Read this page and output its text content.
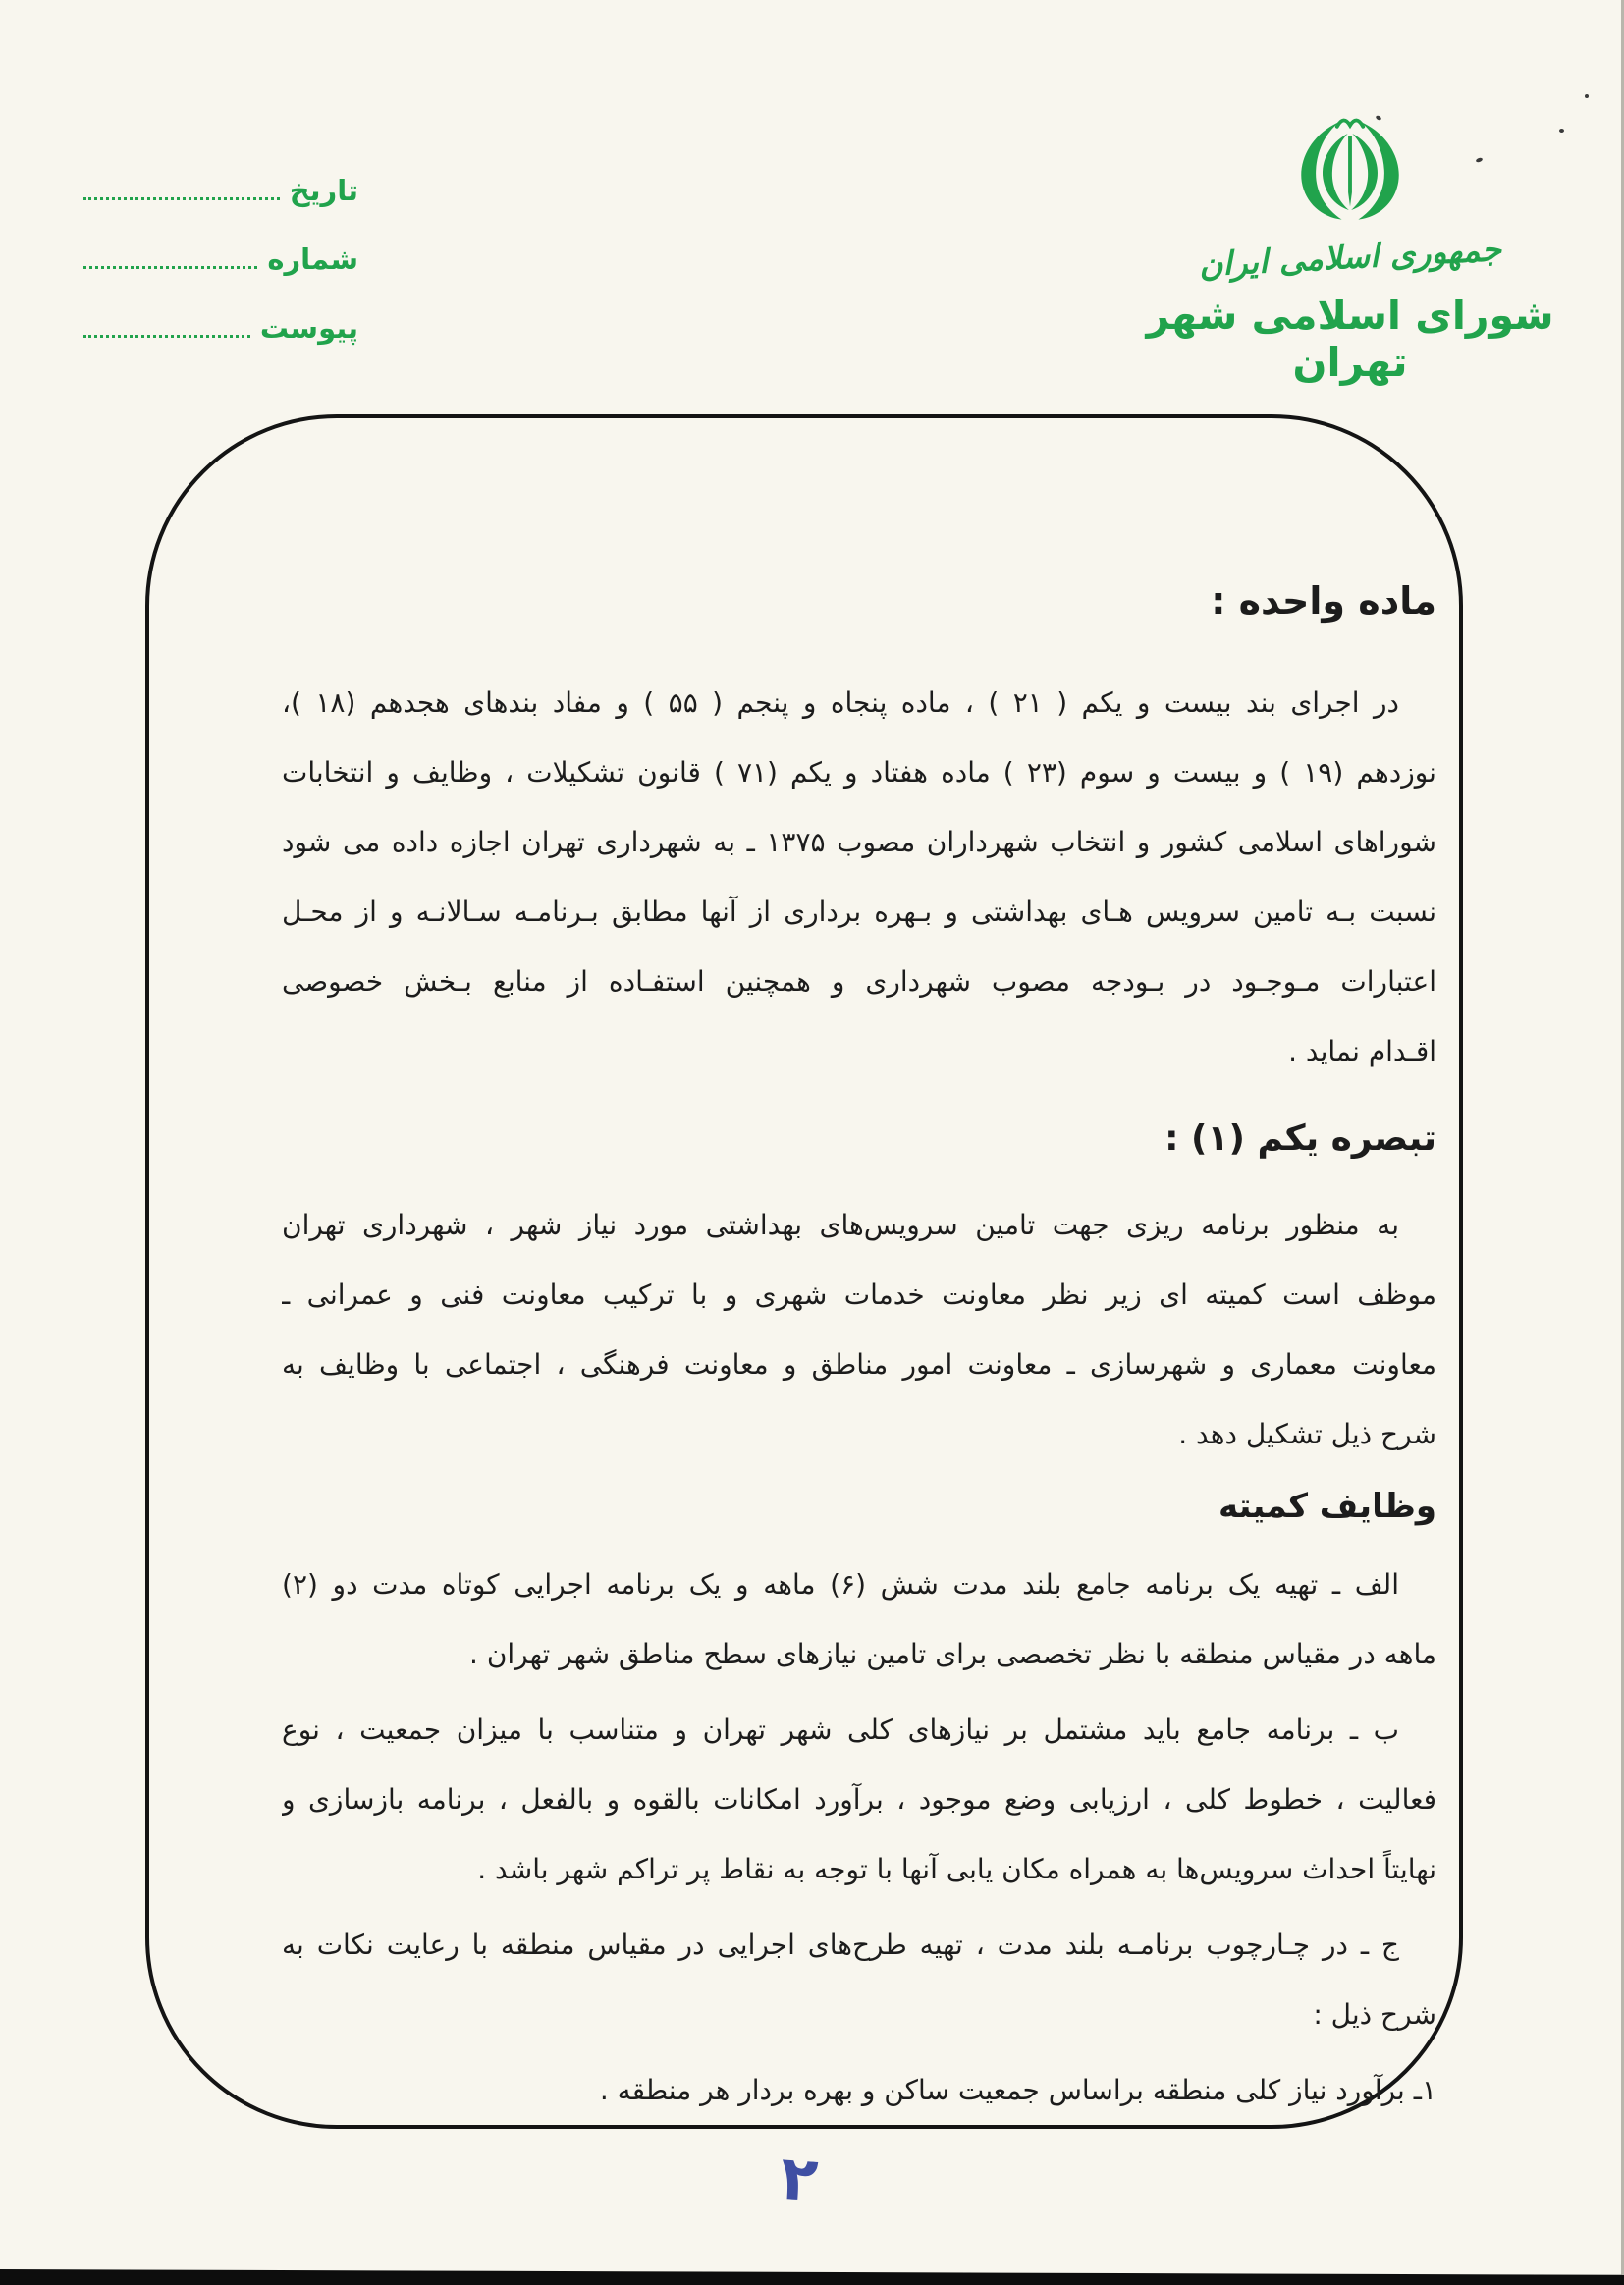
تاریخ
شماره
پیوست
جمهوری اسلامی ایران
شورای اسلامی شهر تهران
ماده واحده :
در اجرای بند بیست و یکم ( ۲۱ ) ، ماده پنجاه و پنجم ( ۵۵ ) و مفاد بندهای هجدهم (۱۸ )،
نوزدهم (۱۹ ) و بیست و سوم (۲۳ ) ماده هفتاد و یکم (۷۱ ) قانون تشکیلات ، وظایف و انتخابات
شوراهای اسلامی کشور و انتخاب شهرداران مصوب ۱۳۷۵ ـ به شهرداری تهران اجازه داده می شود
نسبت بـه تامین سرویس هـای بهداشتی و بـهره برداری از آنها مطابق بـرنامـه سـالانـه و از محـل
اعتبارات مـوجـود در بـودجه مصوب شهرداری و همچنین استفـاده از منابع بـخش خصوصی
اقـدام نماید .
تبصره یکم (۱) :
به منظور برنامه ریزی جهت تامین سرویس‌های بهداشتی مورد نیاز شهر ، شهرداری تهران
موظف است کمیته ای زیر نظر معاونت خدمات شهری و با ترکیب معاونت فنی و عمرانی ـ
معاونت معماری و شهرسازی ـ معاونت امور مناطق و معاونت فرهنگی ، اجتماعی با وظایف به
شرح ذیل تشکیل دهد .
وظایف کمیته
الف ـ تهیه یک برنامه جامع بلند مدت شش (۶) ماهه و یک برنامه اجرایی کوتاه مدت دو (۲)
ماهه در مقیاس منطقه با نظر تخصصی برای تامین نیازهای سطح مناطق شهر تهران .
ب ـ برنامه جامع باید مشتمل بر نیازهای کلی شهر تهران و متناسب با میزان جمعیت ، نوع
فعالیت ، خطوط کلی ، ارزیابی وضع موجود ، برآورد امکانات بالقوه و بالفعل ، برنامه بازسازی و
نهایتاً احداث سرویس‌ها به همراه مکان یابی آنها با توجه به نقاط پر تراکم شهر باشد .
ج ـ در چـارچوب برنامـه بلند مدت ، تهیه طرح‌های اجرایی در مقیاس منطقه با رعایت نکات به
شرح ذیل :
۱ـ برآورد نیاز کلی منطقه براساس جمعیت ساکن و بهره بردار هر منطقه .
۲
